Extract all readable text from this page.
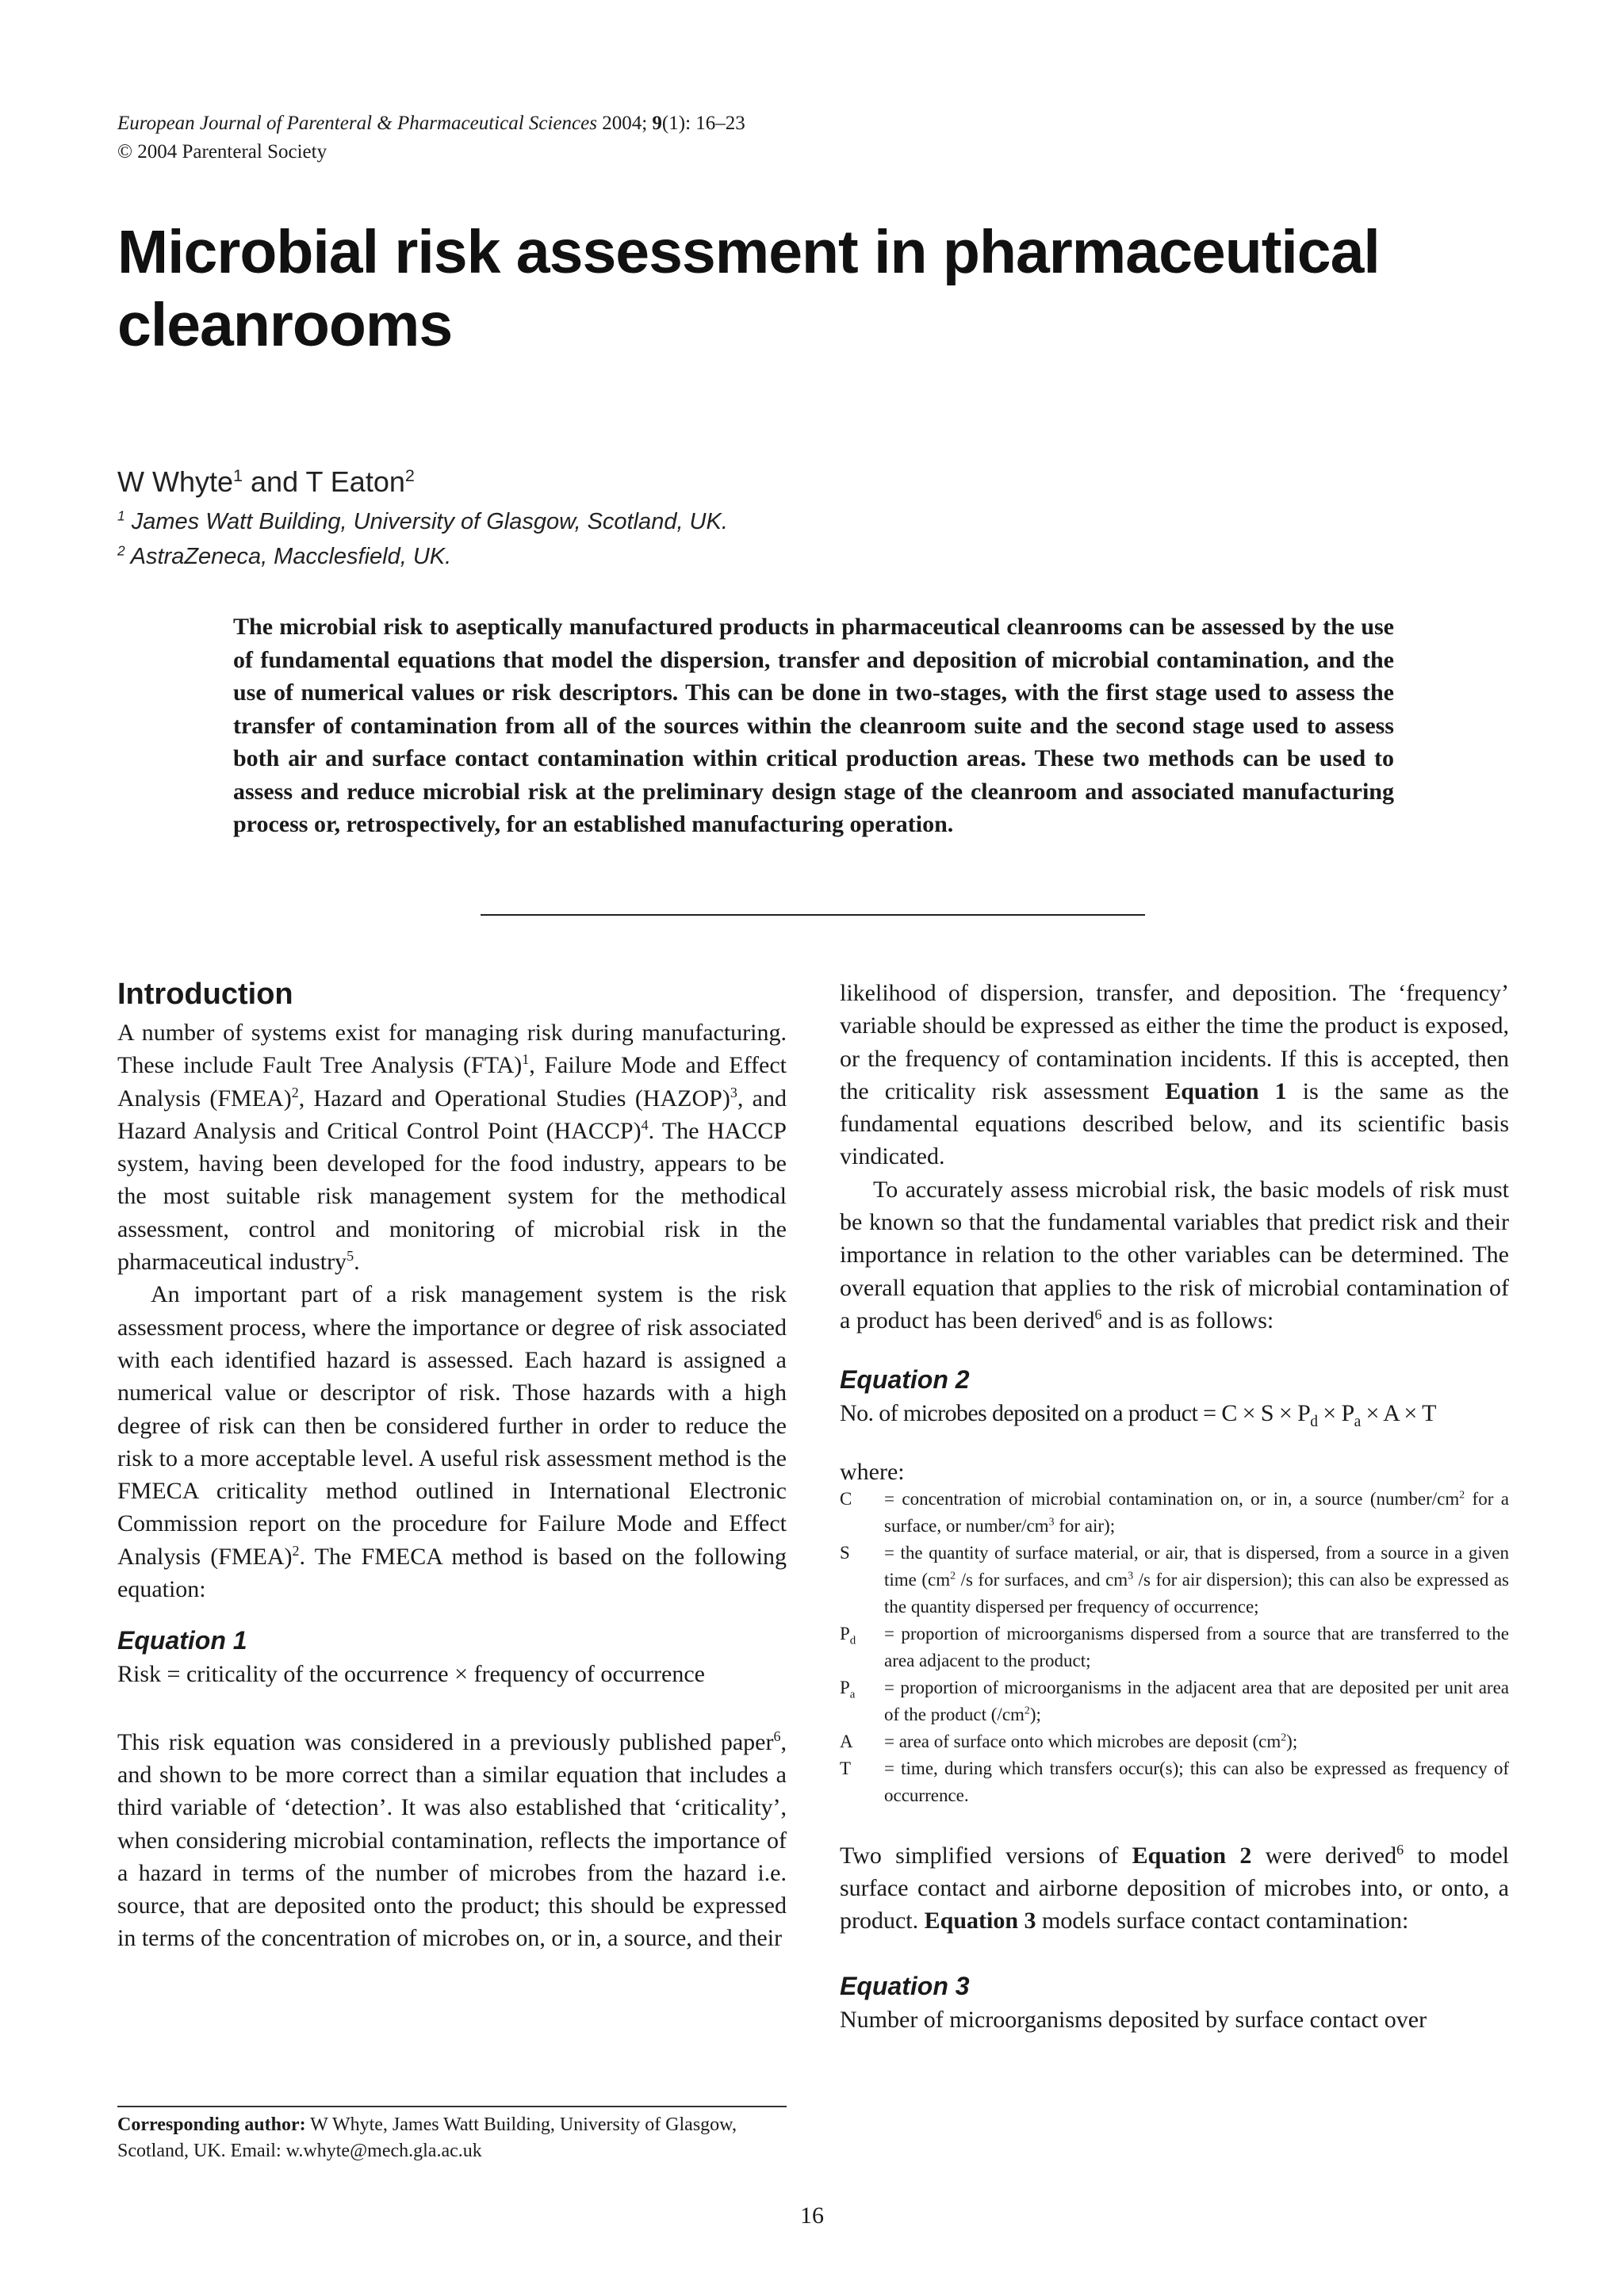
European Journal of Parenteral & Pharmaceutical Sciences 2004; 9(1): 16–23
© 2004 Parenteral Society
Microbial risk assessment in pharmaceutical
cleanrooms
W Whyte$^1$ and T Eaton$^2$
$^1$ James Watt Building, University of Glasgow, Scotland, UK.
$^2$ AstraZeneca, Macclesfield, UK.

The microbial risk to aseptically manufactured products in pharmaceutical cleanrooms can be assessed by the use of fundamental equations that model the dispersion, transfer and deposition of microbial contamination, and the use of numerical values or risk descriptors. This can be done in two-stages, with the first stage used to assess the transfer of contamination from all of the sources within the cleanroom suite and the second stage used to assess both air and surface contact contamination within critical production areas. These two methods can be used to assess and reduce microbial risk at the preliminary design stage of the cleanroom and associated manufacturing process or, retrospectively, for an established manufacturing operation.

Introduction

A number of systems exist for managing risk during manufacturing. These include Fault Tree Analysis (FTA)$^1$, Failure Mode and Effect Analysis (FMEA)$^2$, Hazard and Operational Studies (HAZOP)$^3$, and Hazard Analysis and Critical Control Point (HACCP)$^4$. The HACCP system, having been developed for the food industry, appears to be the most suitable risk management system for the methodical assessment, control and monitoring of microbial risk in the pharmaceutical industry$^5$.

An important part of a risk management system is the risk assessment process, where the importance or degree of risk associated with each identified hazard is assessed. Each hazard is assigned a numerical value or descriptor of risk. Those hazards with a high degree of risk can then be considered further in order to reduce the risk to a more acceptable level. A useful risk assessment method is the FMECA criticality method outlined in International Electronic Commission report on the procedure for Failure Mode and Effect Analysis (FMEA)$^2$. The FMECA method is based on the following equation:

Equation 1

Risk = criticality of the occurrence × frequency of occurrence

This risk equation was considered in a previously published paper$^6$, and shown to be more correct than a similar equation that includes a third variable of ‘detection’. It was also established that ‘criticality’, when considering microbial contamination, reflects the importance of a hazard in terms of the number of microbes from the hazard i.e. source, that are deposited onto the product; this should be expressed in terms of the concentration of microbes on, or in, a source, and their

likelihood of dispersion, transfer, and deposition. The ‘frequency’ variable should be expressed as either the time the product is exposed, or the frequency of contamination incidents. If this is accepted, then the criticality risk assessment Equation 1 is the same as the fundamental equations described below, and its scientific basis vindicated.

To accurately assess microbial risk, the basic models of risk must be known so that the fundamental variables that predict risk and their importance in relation to the other variables can be determined. The overall equation that applies to the risk of microbial contamination of a product has been derived$^6$ and is as follows:

Equation 2

No. of microbes deposited on a product = $C \times S \times P_d \times P_a \times A \times T$

where:

C	= concentration of microbial contamination on, or in, a source ($number/cm^2$ for a surface, or number/$cm^3$ for air);
S	= the quantity of surface material, or air, that is dispersed, from a source in a given time ($cm^2$ /s for surfaces, and $cm^3$ /s for air dispersion); this can also be expressed as the quantity dispersed per frequency of occurrence;
$P_d$	= proportion of microorganisms dispersed from a source that are transferred to the area adjacent to the product;
$P_a$	= proportion of microorganisms in the adjacent area that are deposited per unit area of the product $(/cm^2)$;
A	= area of surface onto which microbes are deposit $(cm^2)$;
T	= time, during which transfers occur(s); this can also be expressed as frequency of occurrence.

Two simplified versions of Equation 2 were derived$^6$ to model surface contact and airborne deposition of microbes into, or onto, a product. Equation 3 models surface contact contamination:

Equation 3

Number of microorganisms deposited by surface contact over

Corresponding author: W Whyte, James Watt Building, University of Glasgow, Scotland, UK. Email: w.whyte@mech.gla.ac.uk
16
